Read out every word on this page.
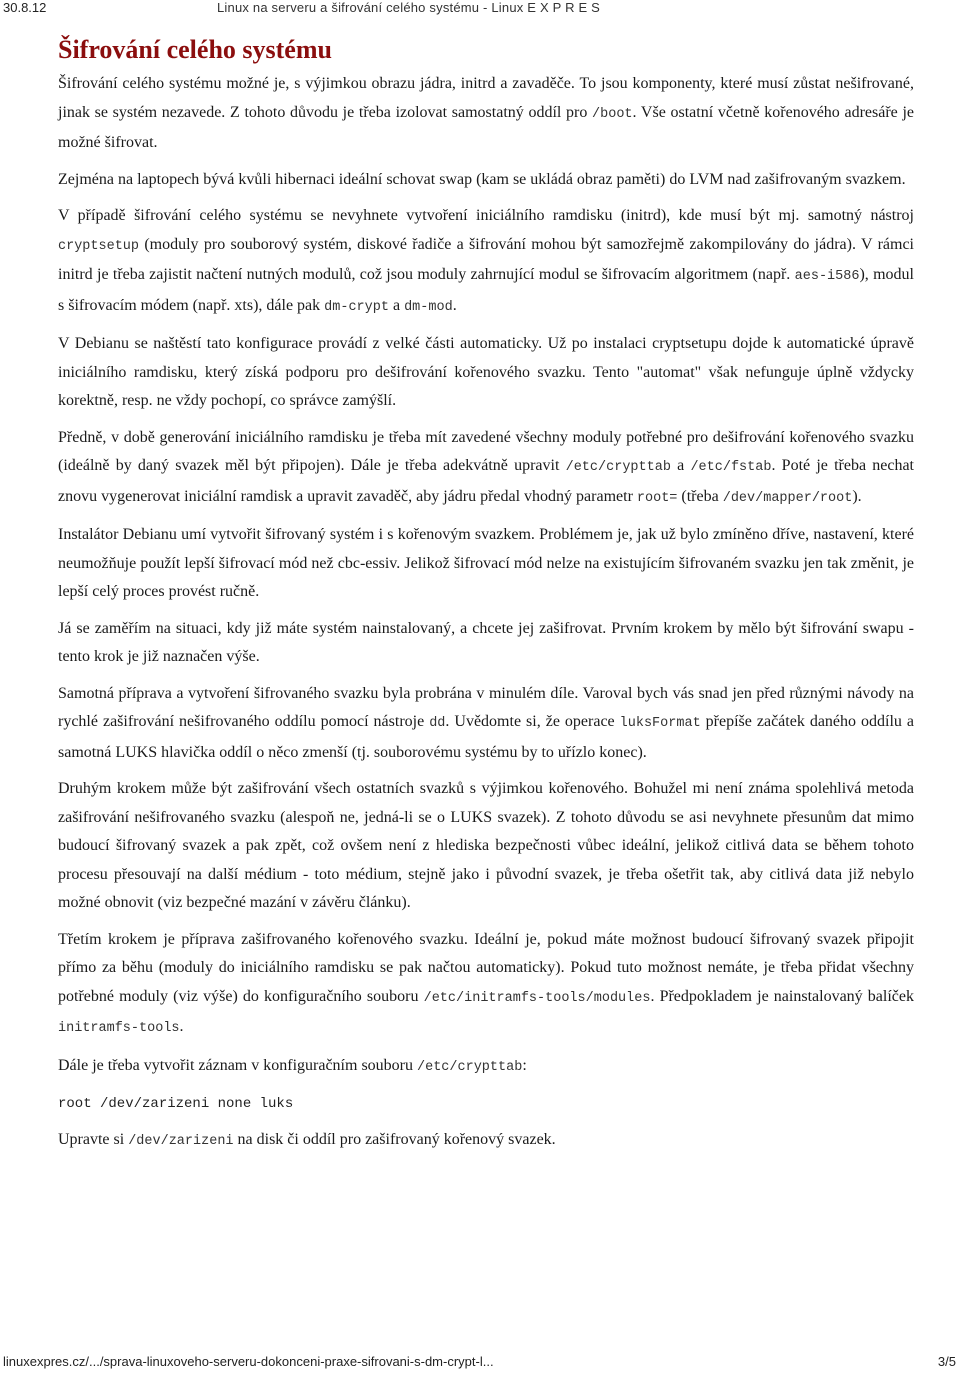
30.8.12	Linux na serveru a šifrování celého systému - Linux E X P R E S
Šifrování celého systému

Šifrování celého systému možné je, s výjimkou obrazu jádra, initrd a zavaděče. To jsou komponenty, které musí zůstat nešifrované, jinak se systém nezavede. Z tohoto důvodu je třeba izolovat samostatný oddíl pro /boot. Vše ostatní včetně kořenového adresáře je možné šifrovat.

Zejména na laptopech bývá kvůli hibernaci ideální schovat swap (kam se ukládá obraz paměti) do LVM nad zašifrovaným svazkem.

V případě šifrování celého systému se nevyhnete vytvoření iniciálního ramdisku (initrd), kde musí být mj. samotný nástroj cryptsetup (moduly pro souborový systém, diskové řadiče a šifrování mohou být samozřejmě zakompilovány do jádra). V rámci initrd je třeba zajistit načtení nutných modulů, což jsou moduly zahrnující modul se šifrovacím algoritmem (např. aes-i586), modul s šifrovacím módem (např. xts), dále pak dm-crypt a dm-mod.

V Debianu se naštěstí tato konfigurace provádí z velké části automaticky. Už po instalaci cryptsetupu dojde k automatické úpravě iniciálního ramdisku, který získá podporu pro dešifrování kořenového svazku. Tento "automat" však nefunguje úplně vždycky korektně, resp. ne vždy pochopí, co správce zamýšlí.

Předně, v době generování iniciálního ramdisku je třeba mít zavedené všechny moduly potřebné pro dešifrování kořenového svazku (ideálně by daný svazek měl být připojen). Dále je třeba adekvátně upravit /etc/crypttab a /etc/fstab. Poté je třeba nechat znovu vygenerovat iniciální ramdisk a upravit zavaděč, aby jádru předal vhodný parametr root= (třeba /dev/mapper/root).

Instalátor Debianu umí vytvořit šifrovaný systém i s kořenovým svazkem. Problémem je, jak už bylo zmíněno dříve, nastavení, které neumožňuje použít lepší šifrovací mód než cbc-essiv. Jelikož šifrovací mód nelze na existujícím šifrovaném svazku jen tak změnit, je lepší celý proces provést ručně.

Já se zaměřím na situaci, kdy již máte systém nainstalovaný, a chcete jej zašifrovat. Prvním krokem by mělo být šifrování swapu - tento krok je již naznačen výše.

Samotná příprava a vytvoření šifrovaného svazku byla probrána v minulém díle. Varoval bych vás snad jen před různými návody na rychlé zašifrování nešifrovaného oddílu pomocí nástroje dd. Uvědomte si, že operace luksFormat přepíše začátek daného oddílu a samotná LUKS hlavička oddíl o něco zmenší (tj. souborovému systému by to uřízlo konec).

Druhým krokem může být zašifrování všech ostatních svazků s výjimkou kořenového. Bohužel mi není známa spolehlivá metoda zašifrování nešifrovaného svazku (alespoň ne, jedná-li se o LUKS svazek). Z tohoto důvodu se asi nevyhnete přesunům dat mimo budoucí šifrovaný svazek a pak zpět, což ovšem není z hlediska bezpečnosti vůbec ideální, jelikož citlivá data se během tohoto procesu přesouvají na další médium - toto médium, stejně jako i původní svazek, je třeba ošetřit tak, aby citlivá data již nebylo možné obnovit (viz bezpečné mazání v závěru článku).

Třetím krokem je příprava zašifrovaného kořenového svazku. Ideální je, pokud máte možnost budoucí šifrovaný svazek připojit přímo za běhu (moduly do iniciálního ramdisku se pak načtou automaticky). Pokud tuto možnost nemáte, je třeba přidat všechny potřebné moduly (viz výše) do konfiguračního souboru /etc/initramfs-tools/modules. Předpokladem je nainstalovaný balíček initramfs-tools.

Dále je třeba vytvořit záznam v konfiguračním souboru /etc/crypttab:

root /dev/zarizeni none luks

Upravte si /dev/zarizeni na disk či oddíl pro zašifrovaný kořenový svazek.

linuxexpres.cz/.../sprava-linuxoveho-serveru-dokonceni-praxe-sifrovani-s-dm-crypt-l...	3/5
